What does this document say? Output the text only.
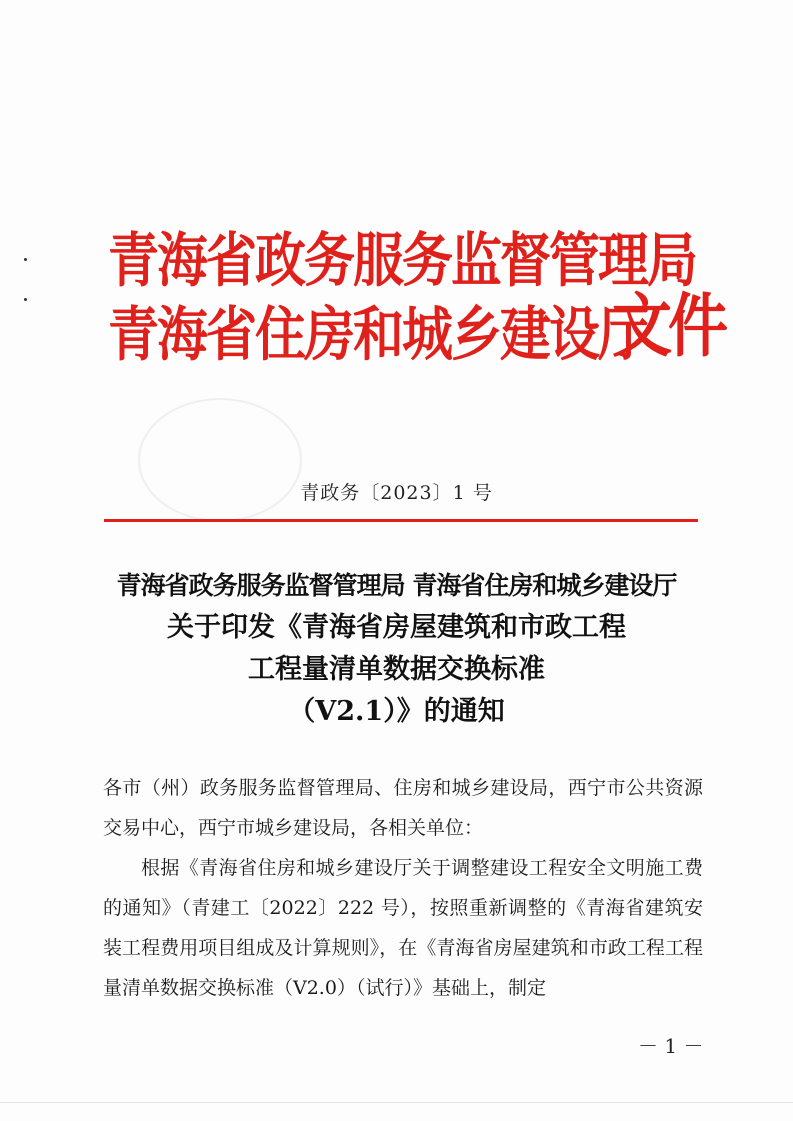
青海省政务服务监督管理局
青海省住房和城乡建设厅
文件
青政务〔2023〕1 号
青海省政务服务监督管理局 青海省住房和城乡建设厅
关于印发《青海省房屋建筑和市政工程
工程量清单数据交换标准
（V2.1）》的通知

各市（州）政务服务监督管理局、住房和城乡建设局，西宁市公共资源交易中心，西宁市城乡建设局，各相关单位：

根据《青海省住房和城乡建设厅关于调整建设工程安全文明施工费的通知》（青建工〔2022〕222 号），按照重新调整的《青海省建筑安装工程费用项目组成及计算规则》，在《青海省房屋建筑和市政工程工程量清单数据交换标准（V2.0）（试行）》基础上，制定

－ 1 －
